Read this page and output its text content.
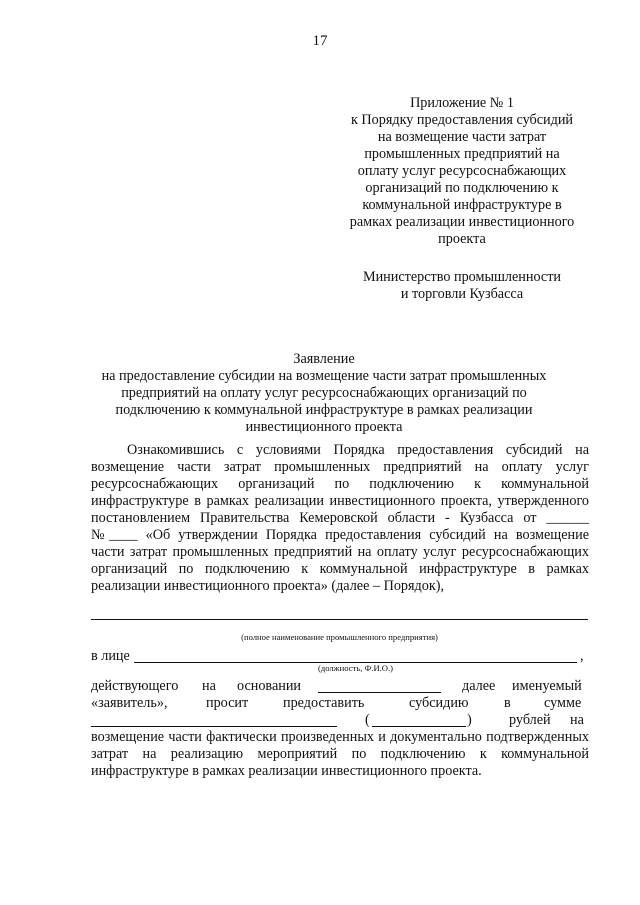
17
Приложение № 1
к Порядку предоставления субсидий
на возмещение части затрат
промышленных предприятий на
оплату услуг ресурсоснабжающих
организаций по подключению к
коммунальной инфраструктуре в
рамках реализации инвестиционного
проекта
Министерство промышленности
и торговли Кузбасса
Заявление
на предоставление субсидии на возмещение части затрат промышленных
предприятий на оплату услуг ресурсоснабжающих организаций по
подключению к коммунальной инфраструктуре в рамках реализации
инвестиционного проекта

Ознакомившись с условиями Порядка предоставления субсидий на возмещение части затрат промышленных предприятий на оплату услуг ресурсоснабжающих организаций по подключению к коммунальной инфраструктуре в рамках реализации инвестиционного проекта, утвержденного постановлением Правительства Кемеровской области - Кузбасса от ______ №____ «Об утверждении Порядка предоставления субсидий на возмещение части затрат промышленных предприятий на оплату услуг ресурсоснабжающих организаций по подключению к коммунальной инфраструктуре в рамках реализации инвестиционного проекта» (далее – Порядок),

(полное наименование промышленного предприятия)
в лице	,
(должность, Ф.И.О.)
действующего на основании	далее именуемый
«заявитель»,	просит предоставить	субсидию в сумме
(	)	рублей на
возмещение части фактически произведенных и документально подтвержденных затрат на реализацию мероприятий по подключению к коммунальной инфраструктуре в рамках реализации инвестиционного проекта.
